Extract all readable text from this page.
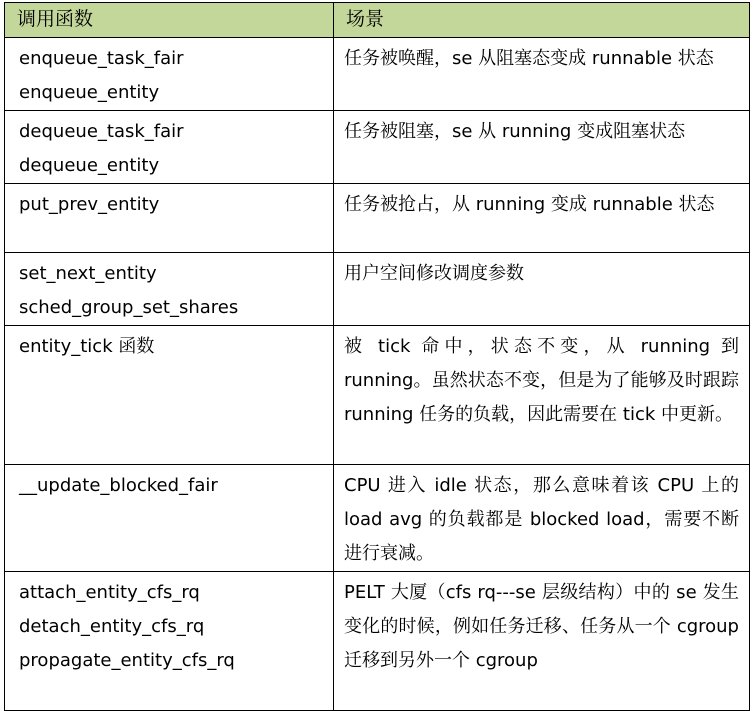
调用函数	场景

enqueue_task_fair
enqueue_entity	任务被唤醒，se 从阻塞态变成 runnable 状态

dequeue_task_fair
dequeue_entity	任务被阻塞，se 从 running 变成阻塞状态

put_prev_entity	任务被抢占，从 running 变成 runnable 状态

set_next_entity
sched_group_set_shares	用户空间修改调度参数

entity_tick 函数	被 tick 命中，状态不变，从 running 到 running。虽然状态不变，但是为了能够及时跟踪 running 任务的负载，因此需要在 tick 中更新。

__update_blocked_fair	CPU 进入 idle 状态，那么意味着该 CPU 上的 load avg 的负载都是 blocked load，需要不断进行衰减。

attach_entity_cfs_rq
detach_entity_cfs_rq
propagate_entity_cfs_rq	PELT 大厦（cfs rq---se 层级结构）中的 se 发生变化的时候，例如任务迁移、任务从一个 cgroup 迁移到另外一个 cgroup
